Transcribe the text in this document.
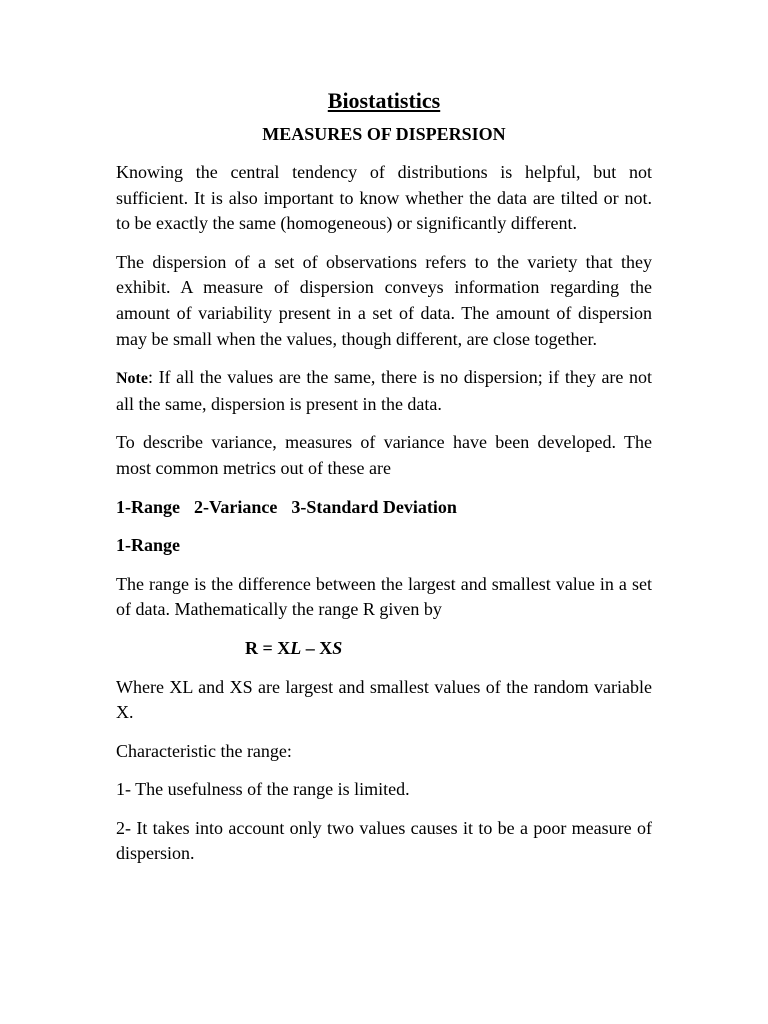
Biostatistics
MEASURES OF DISPERSION

Knowing the central tendency of distributions is helpful, but not sufficient. It is also important to know whether the data are tilted or not. to be exactly the same (homogeneous) or significantly different.

The dispersion of a set of observations refers to the variety that they exhibit. A measure of dispersion conveys information regarding the amount of variability present in a set of data. The amount of dispersion may be small when the values, though different, are close together.

Note: If all the values are the same, there is no dispersion; if they are not all the same, dispersion is present in the data.

To describe variance, measures of variance have been developed. The most common metrics out of these are

1-Range 2-Variance 3-Standard Deviation

1-Range

The range is the difference between the largest and smallest value in a set of data. Mathematically the range R given by

R = XL – XS

Where XL and XS are largest and smallest values of the random variable X.

Characteristic the range:

1- The usefulness of the range is limited.

2- It takes into account only two values causes it to be a poor measure of dispersion.
